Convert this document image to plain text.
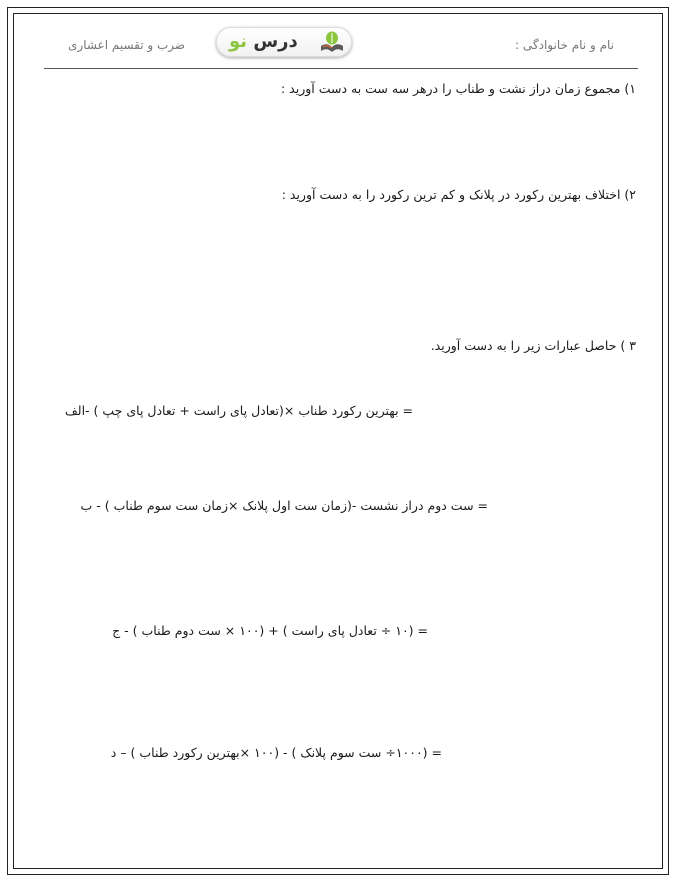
نام و نام خانوادگی :
ضرب و تقسیم اعشاری	درس نو
۱) مجموع زمان دراز نشت و طناب را درهر سه ست به دست آورید :
۲) اختلاف بهترین رکورد در پلانک و کم ترین رکورد را به دست آورید :
۳ ) حاصل عبارات زیر را به دست آورید.
= بهترین رکورد طناب ×(تعادل پای راست + تعادل پای چپ ) -الف
= ست دوم دراز نشست -(زمان ست اول پلانک ×زمان ست سوم طناب ) - ب
= (۱۰ ÷ تعادل پای راست ) + (۱۰۰ × ست دوم طناب ) - ج
= (۱۰۰۰÷ ست سوم پلانک ) - (۱۰۰ ×بهترین رکورد طناب ) – د
